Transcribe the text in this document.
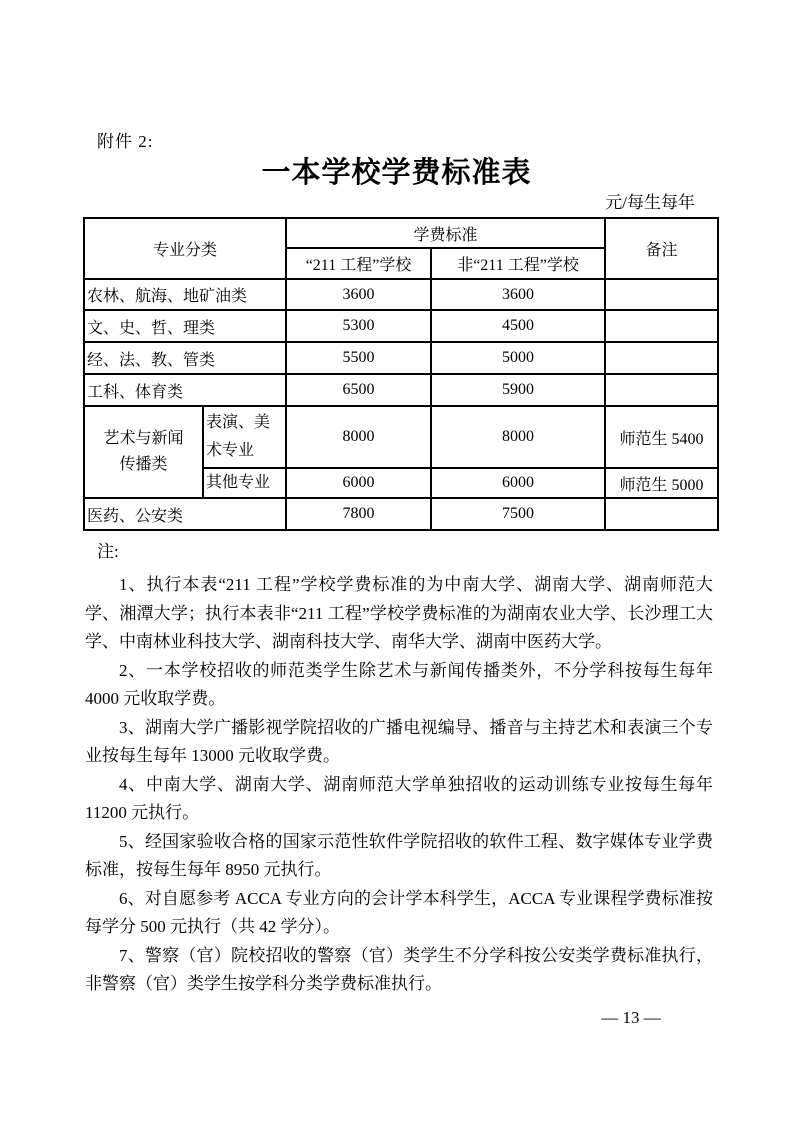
附件 2:
一本学校学费标准表
元/每生每年
专业分类		学费标准		备注
		“211 工程”学校	非“211 工程”学校	
农林、航海、地矿油类		3600	3600	
文、史、哲、理类		5300	4500	
经、法、教、管类		5500	5000	
工科、体育类		6500	5900	
艺术与新闻传播类	表演、美术专业	8000	8000	师范生 5400
	其他专业	6000	6000	师范生 5000
医药、公安类		7800	7500	

注:

1、执行本表“211 工程”学校学费标准的为中南大学、湖南大学、湖南师范大学、湘潭大学；执行本表非“211 工程”学校学费标准的为湖南农业大学、长沙理工大学、中南林业科技大学、湖南科技大学、南华大学、湖南中医药大学。

2、一本学校招收的师范类学生除艺术与新闻传播类外，不分学科按每生每年 4000 元收取学费。

3、湖南大学广播影视学院招收的广播电视编导、播音与主持艺术和表演三个专业按每生每年 13000 元收取学费。

4、中南大学、湖南大学、湖南师范大学单独招收的运动训练专业按每生每年 11200 元执行。

5、经国家验收合格的国家示范性软件学院招收的软件工程、数字媒体专业学费标准，按每生每年 8950 元执行。

6、对自愿参考 ACCA 专业方向的会计学本科学生，ACCA 专业课程学费标准按每学分 500 元执行（共 42 学分）。

7、警察（官）院校招收的警察（官）类学生不分学科按公安类学费标准执行，非警察（官）类学生按学科分类学费标准执行。

— 13 —
